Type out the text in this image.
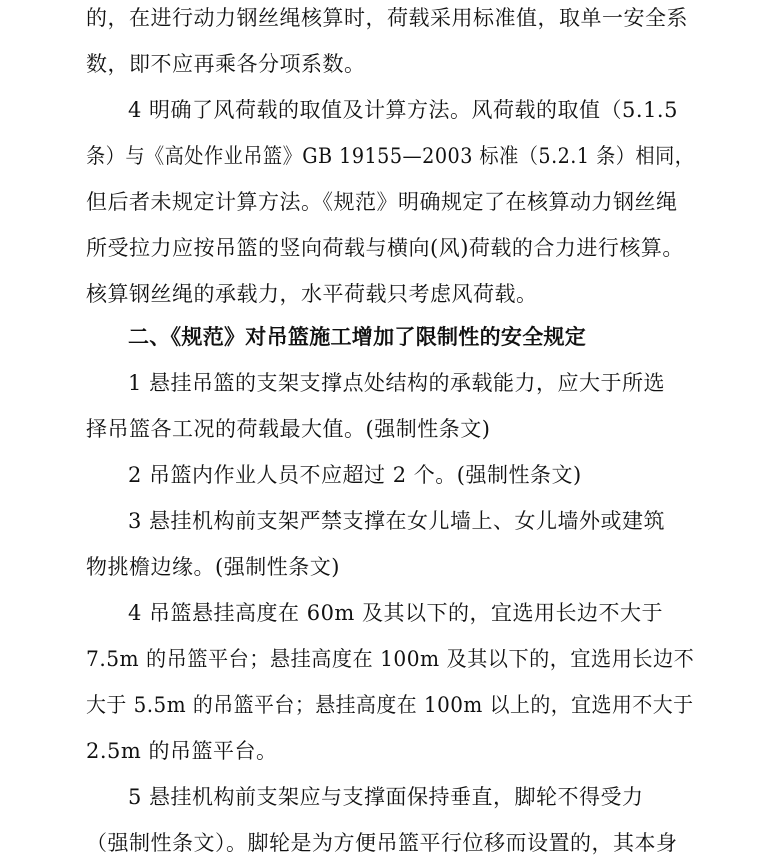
的，在进行动力钢丝绳核算时，荷载采用标准值，取单一安全系
数，即不应再乘各分项系数。
4 明确了风荷载的取值及计算方法。风荷载的取值（5.1.5
条）与《高处作业吊篮》GB 19155—2003 标准（5.2.1 条）相同，
但后者未规定计算方法。《规范》明确规定了在核算动力钢丝绳
所受拉力应按吊篮的竖向荷载与横向(风)荷载的合力进行核算。
核算钢丝绳的承载力，水平荷载只考虑风荷载。
二、《规范》对吊篮施工增加了限制性的安全规定
1 悬挂吊篮的支架支撑点处结构的承载能力，应大于所选
择吊篮各工况的荷载最大值。(强制性条文)
2 吊篮内作业人员不应超过 2 个。(强制性条文)
3 悬挂机构前支架严禁支撑在女儿墙上、女儿墙外或建筑
物挑檐边缘。(强制性条文)
4 吊篮悬挂高度在 60m 及其以下的，宜选用长边不大于
7.5m 的吊篮平台；悬挂高度在 100m 及其以下的，宜选用长边不
大于 5.5m 的吊篮平台；悬挂高度在 100m 以上的，宜选用不大于
2.5m 的吊篮平台。
5 悬挂机构前支架应与支撑面保持垂直，脚轮不得受力
（强制性条文）。脚轮是为方便吊篮平行位移而设置的，其本身
